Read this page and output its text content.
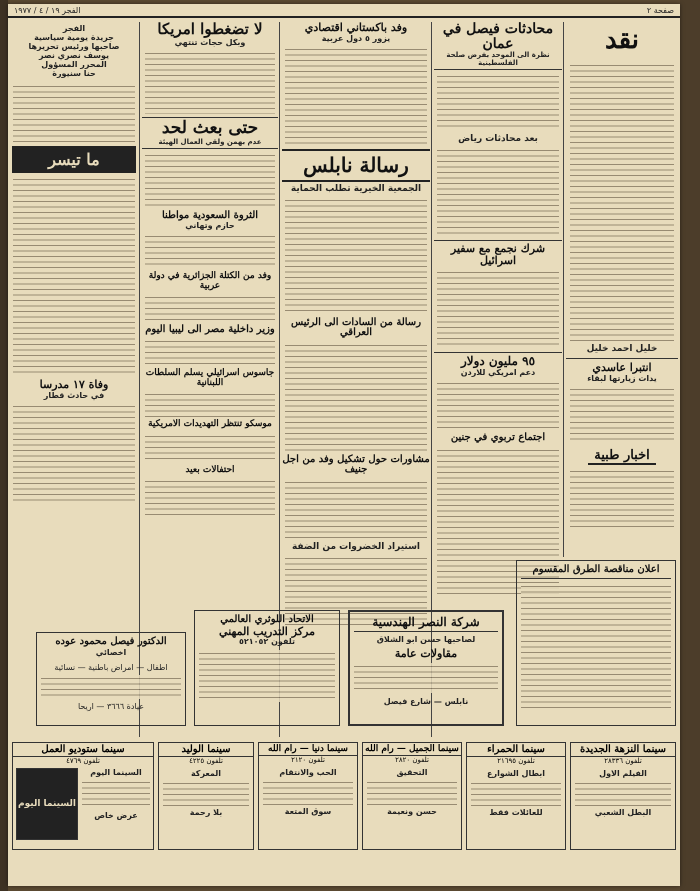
صفحة ٢
الفجر ١٩ / ٤ / ١٩٧٧
نقد
خليل احمد خليل
انتبرا عاسدي
يدات زيارتها لبقاء
اخبار طبية
محادثات فيصل في عمان
نظرة الى الموحد بفرض صلحة الفلسطينية
بعد محادثات رياض
شرك نجمع مع سفير اسرائيل
٩٥ مليون دولار
دعم امريكي للاردن
اجتماع تربوي في جنين
وفد باكستاني اقتصادي
يزور ٥ دول عربية
رسالة نابلس
الجمعية الخيرية تطلب الحماية
رسالة من السادات الى الرئيس العراقي
مشاورات حول تشكيل وفد من اجل جنيف
استيراد الخضروات من الضفة
لا تضغطوا امريكا
وبكل حجات تنتهي
حتى بعث لحد
عدم بهمن ولقي العمال الهيئة
الثروة السعودية مواطنا
حازم وتهاني
وفد من الكتلة الجزائرية في دولة عربية
وزير داخلية مصر الى ليبيا اليوم
جاسوس اسرائيلي يسلم السلطات اللبنانية
موسكو تنتظر التهديدات الامريكية
احتفالات بعيد
الفجر
جريدة يومية سياسية
صاحبها ورئيس تحريرها
يوسف نصري نصر
المحرر المسؤول
حنا سنيورة
ما تيسر
وفاة ١٧ مدرسا
في حادث قطار
الدكتور فيصل محمود عوده
اخصائي
اطفال — امراض باطنية — نسائية
عيادة ٣٦٦٦ — اريحا
الاتحاد اللوثري العالمي
مركز التدريب المهني
تلفون ٥٢١٠٥٢
شركة النصر الهندسية
لصاحبها حسن ابو الشلاق
مقاولات عامة
نابلس — شارع فيصل
اعلان مناقصة الطرق المقسوم
سينما النزهة الجديدة
تلفون ٢٨٣٣٦
الفيلم الاول
البطل الشعبي
سينما الحمراء
تلفون ٢١٦٩٥
ابطال الشوارع
للعائلات فقط
سينما الجميل — رام الله
تلفون ٢٨٢٠
التحقيق
حسن ونعيمة
سينما دنيا — رام الله
تلفون ٢١٢٠
الحب والانتقام
سوق المتعة
سينما الوليد
تلفون ٤٢٢٥
المعركة
بلا رحمة
سينما ستوديو العمل
تلفون ٤٧٦٩
السينما اليوم
عرض خاص
السينما اليوم
